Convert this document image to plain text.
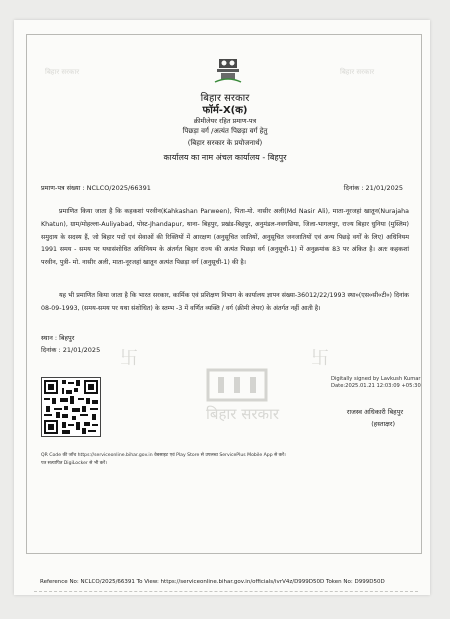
बिहार सरकार	बिहार सरकार
बिहार सरकार
फॉर्म-X(क)
क्रीमीलेयर रहित प्रमाण-पत्र
पिछड़ा वर्ग /अत्यंत पिछड़ा वर्ग हेतु
(बिहार सरकार के प्रयोजनार्थ)
कार्यालय का नाम अंचल कार्यालय - बिहपुर
प्रमाण-पत्र संख्या : NCLCO/2025/66391	दिनांक : 21/01/2025
प्रमाणित किया जाता है कि कहकशां परवीन(Kahkashan Parween), पिता-मो. नासीर अली(Md Nasir Ali), माता-नूरजहां खातून(Nurajaha Khatun), ग्राम/मोहल्ला-Auliyabad, पोस्ट-Jhandapur, थाना- बिहपुर, प्रखंड-बिहपुर, अनुमंडल-नवगछिया, जिला-भागलपुर, राज्य बिहार धुनिया (मुस्लिम) समुदाय के सदस्य हैं, जो बिहार पदों एवं सेवाओं की रिक्तियों में आरक्षण (अनुसूचित जातियों, अनुसूचित जनजातियों एवं अन्य पिछड़े वर्गों के लिए) अधिनियम 1991 समय - समय पर यथासंशोधित अधिनियम के अंतर्गत बिहार राज्य की अत्यंत पिछड़ा वर्ग (अनुसूची-1) में अनुक्रमांक 83 पर अंकित है। अतः कहकशां परवीन, पुत्री- मो. नासीर अली, माता-नूरजहां खातून अत्यंत पिछड़ा वर्ग (अनुसूची-1) की है।
यह भी प्रमाणित किया जाता है कि भारत सरकार, कार्मिक एवं प्रशिक्षण विभाग के कार्यालय ज्ञापन संख्या-36012/22/1993 स्था०(एस०सी०टी०) दिनांक 08-09-1993, (समय-समय पर यथा संशोधित) के स्तम्भ -3 में वर्णित व्यक्ति / वर्ग (क्रीमी लेयर) के अंतर्गत नहीं आती है।
卐	卐
स्थान : बिहपुर
दिनांक : 21/01/2025
बिहार सरकार
Digitally signed by Lavkush Kumar
Date:2025.01.21 12:03:09 +05:30
राजस्व अधिकारी बिहपुर
(हस्ताक्षर)
QR Code की जाँच https://serviceonline.bihar.gov.in वेबसाइट एवं Play Store से उपलब्ध ServicePlus Mobile App से करें।
पत्र सत्यापित DigiLocker से भी करें।
Reference No: NCLCO/2025/66391 To View: https://serviceonline.bihar.gov.in/officials/ivrV4z/D999D50D Token No: D999D50D
